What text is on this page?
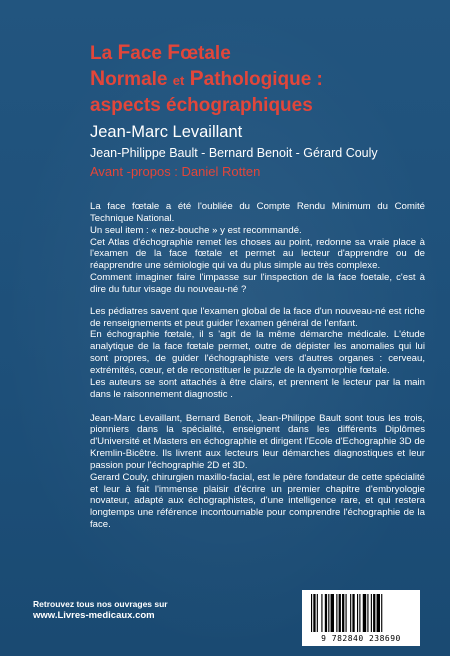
La Face Fœtale
Normale et Pathologique :
aspects échographiques
Jean-Marc Levaillant
Jean-Philippe Bault - Bernard Benoit - Gérard Couly
Avant -propos : Daniel Rotten

La face fœtale a été l'oubliée du Compte Rendu Minimum du Comité Technique National.

Un seul item : « nez-bouche » y est recommandé.

Cet Atlas d'échographie remet les choses au point, redonne sa vraie place à l'examen de la face fœtale et permet au lecteur d'apprendre ou de réapprendre une sémiologie qui va du plus simple au très complexe.

Comment imaginer faire l'impasse sur l'inspection de la face foetale, c'est à dire du futur visage du nouveau-né ?

Les pédiatres savent que l'examen global de la face d'un nouveau-né est riche de renseignements et peut guider l'examen général de l'enfant.

En échographie fœtale, il s 'agit de la même démarche médicale. L'étude analytique de la face fœtale permet, outre de dépister les anomalies qui lui sont propres, de guider l'échographiste vers d'autres organes : cerveau, extrémités, cœur, et de reconstituer le puzzle de la dysmorphie fœtale.

Les auteurs se sont attachés à être clairs, et prennent le lecteur par la main dans le raisonnement diagnostic .

Jean-Marc Levaillant, Bernard Benoit, Jean-Philippe Bault sont tous les trois, pionniers dans la spécialité, enseignent dans les différents Diplômes d'Université et Masters en échographie et dirigent l'Ecole d'Echographie 3D de Kremlin-Bicêtre. Ils livrent aux lecteurs leur démarches diagnostiques et leur passion pour l'échographie 2D et 3D.

Gerard Couly, chirurgien maxillo-facial, est le père fondateur de cette spécialité et leur à fait l'immense plaisir d'écrire un premier chapitre d'embryologie novateur, adapté aux échographistes, d'une intelligence rare, et qui restera longtemps une référence incontournable pour comprendre l'échographie de la face.

Retrouvez tous nos ouvrages sur
www.Livres-medicaux.com
9 782840 238690
